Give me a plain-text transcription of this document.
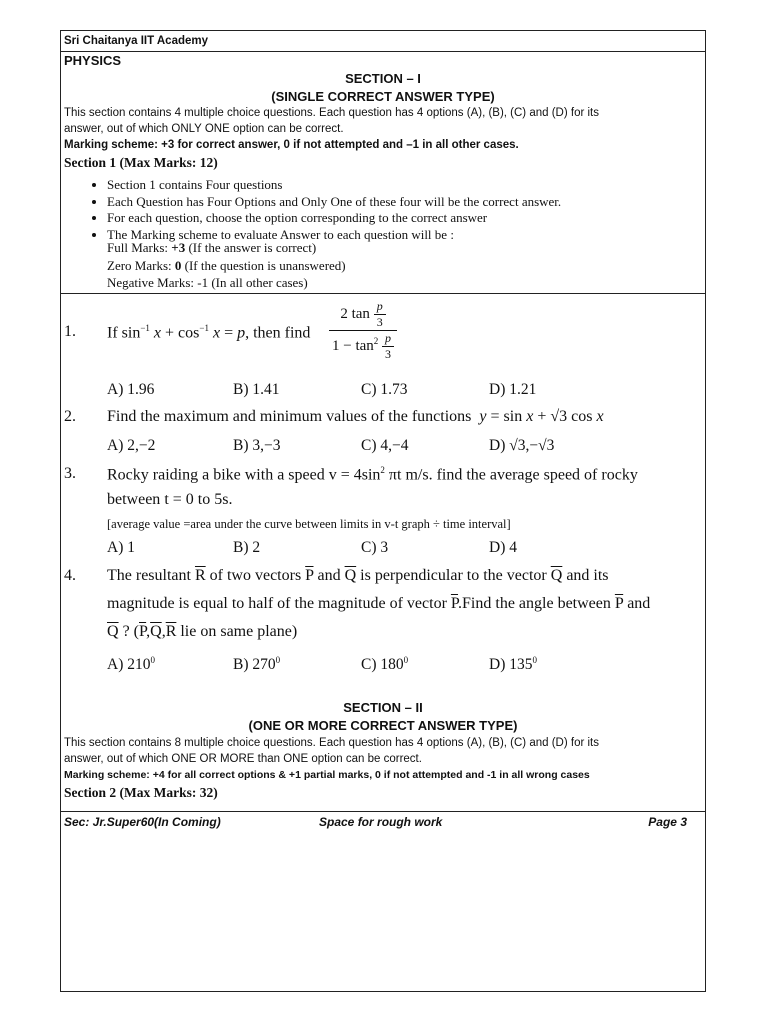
Sri Chaitanya IIT Academy
PHYSICS
SECTION – I
(SINGLE CORRECT ANSWER TYPE)
This section contains 4 multiple choice questions. Each question has 4 options (A), (B), (C) and (D) for its
answer, out of which ONLY ONE option can be correct.
Marking scheme: +3 for correct answer, 0 if not attempted and –1 in all other cases.
Section 1 (Max Marks: 12)
• Section 1 contains Four questions
• Each Question has Four Options and Only One of these four will be the correct answer.
• For each question, choose the option corresponding to the correct answer
• The Marking scheme to evaluate Answer to each question will be :
Full Marks: +3 (If the answer is correct)
Zero Marks: 0 (If the question is unanswered)
Negative Marks: -1 (In all other cases)
1. If $\sin^{-1} x + \cos^{-1} x = p$, then find $\frac{2 \tan \frac{p}{3}}{1 - \tan^2 \frac{p}{3}}$
A) 1.96	B) 1.41	C) 1.73	D) 1.21
2. Find the maximum and minimum values of the functions y = sin x + √3 cos x
A) 2,−2	B) 3,−3	C) 4,−4	D) √3,−√3
3. Rocky raiding a bike with a speed $v = 4\sin^2$ πt m/s. find the average speed of rocky
between t = 0 to 5s.
[average value =area under the curve between limits in v-t graph ÷ time interval]
A) 1	B) 2	C) 3	D) 4
4. The resultant $\overline{R}$ of two vectors $\overline{P}$ and $\overline{Q}$ is perpendicular to the vector $\overline{Q}$ and its
magnitude is equal to half of the magnitude of vector $\overline{P}.Find$ the angle between $\overline{P}$ and
$\overline{Q}$ ? ($\overline{P},\overline{Q},\overline{R}$ lie on same plane)
A) $210^0$	B) $270^0$	C) $180^0$	D) $135^0$
SECTION – II
(ONE OR MORE CORRECT ANSWER TYPE)
This section contains 8 multiple choice questions. Each question has 4 options (A), (B), (C) and (D) for its
answer, out of which ONE OR MORE than ONE option can be correct.
Marking scheme: +4 for all correct options & +1 partial marks, 0 if not attempted and -1 in all wrong cases
Section 2 (Max Marks: 32)
Sec: Jr.Super60(In Coming)	Space for rough work	Page 3
